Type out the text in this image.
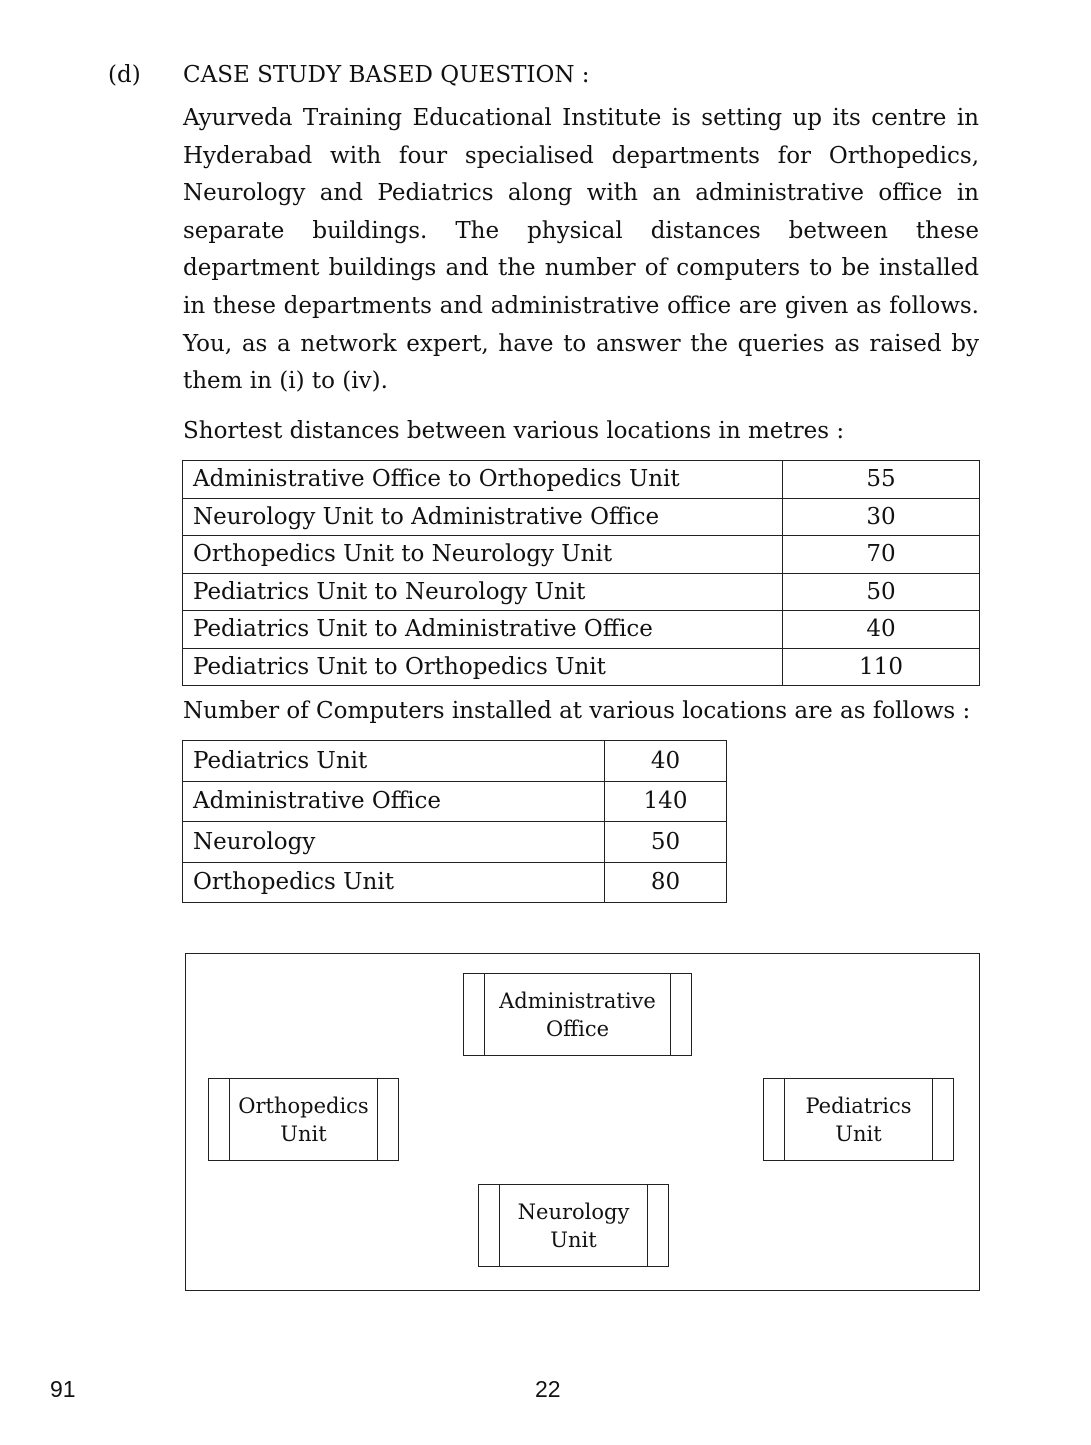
(d) CASE STUDY BASED QUESTION :

Ayurveda Training Educational Institute is setting up its centre in Hyderabad with four specialised departments for Orthopedics, Neurology and Pediatrics along with an administrative office in separate buildings. The physical distances between these department buildings and the number of computers to be installed in these departments and administrative office are given as follows. You, as a network expert, have to answer the queries as raised by them in (i) to (iv).

Shortest distances between various locations in metres :
Administrative Office to Orthopedics Unit	55
Neurology Unit to Administrative Office	30
Orthopedics Unit to Neurology Unit	70
Pediatrics Unit to Neurology Unit	50
Pediatrics Unit to Administrative Office	40
Pediatrics Unit to Orthopedics Unit	110
Number of Computers installed at various locations are as follows :
Pediatrics Unit	40
Administrative Office	140
Neurology	50
Orthopedics Unit	80
Administrative
Office
Orthopedics
Unit
Pediatrics
Unit
Neurology
Unit
91	22
